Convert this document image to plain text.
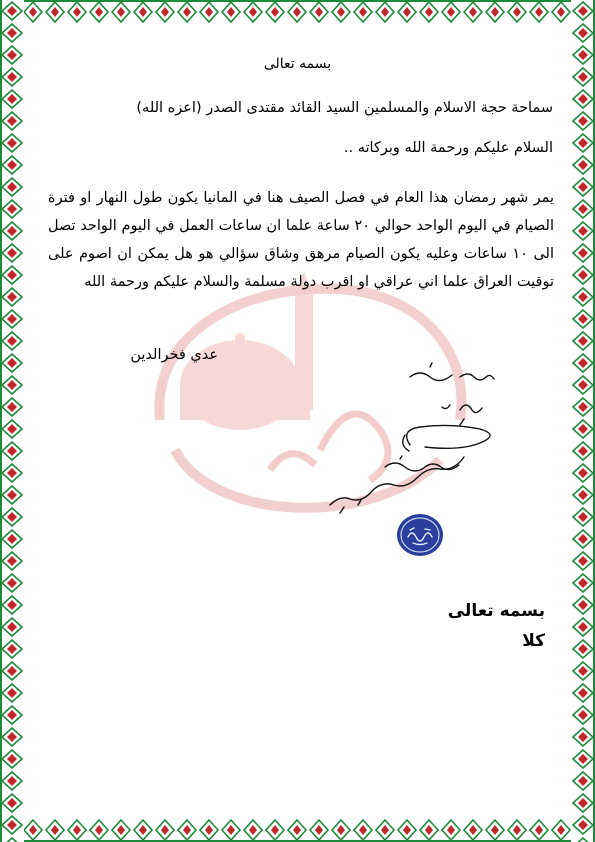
بسمه تعالى
سماحة حجة الاسلام والمسلمين السيد القائد مقتدى الصدر (اعزه الله)
السلام عليكم ورحمة الله وبركاته ..
يمر شهر رمضان هذا العام في فصل الصيف هنا في المانيا يكون طول النهار او فترة الصيام في اليوم الواحد حوالي ٢٠ ساعة علما ان ساعات العمل في اليوم الواحد تصل الى ١٠ ساعات وعليه يكون الصيام مرهق وشاق سؤالي هو هل يمكن ان اصوم على توقيت العراق علما اني عراقي او اقرب دولة مسلمة والسلام عليكم ورحمة الله
عدي فخرالدين
بسمه تعالى
كلا
